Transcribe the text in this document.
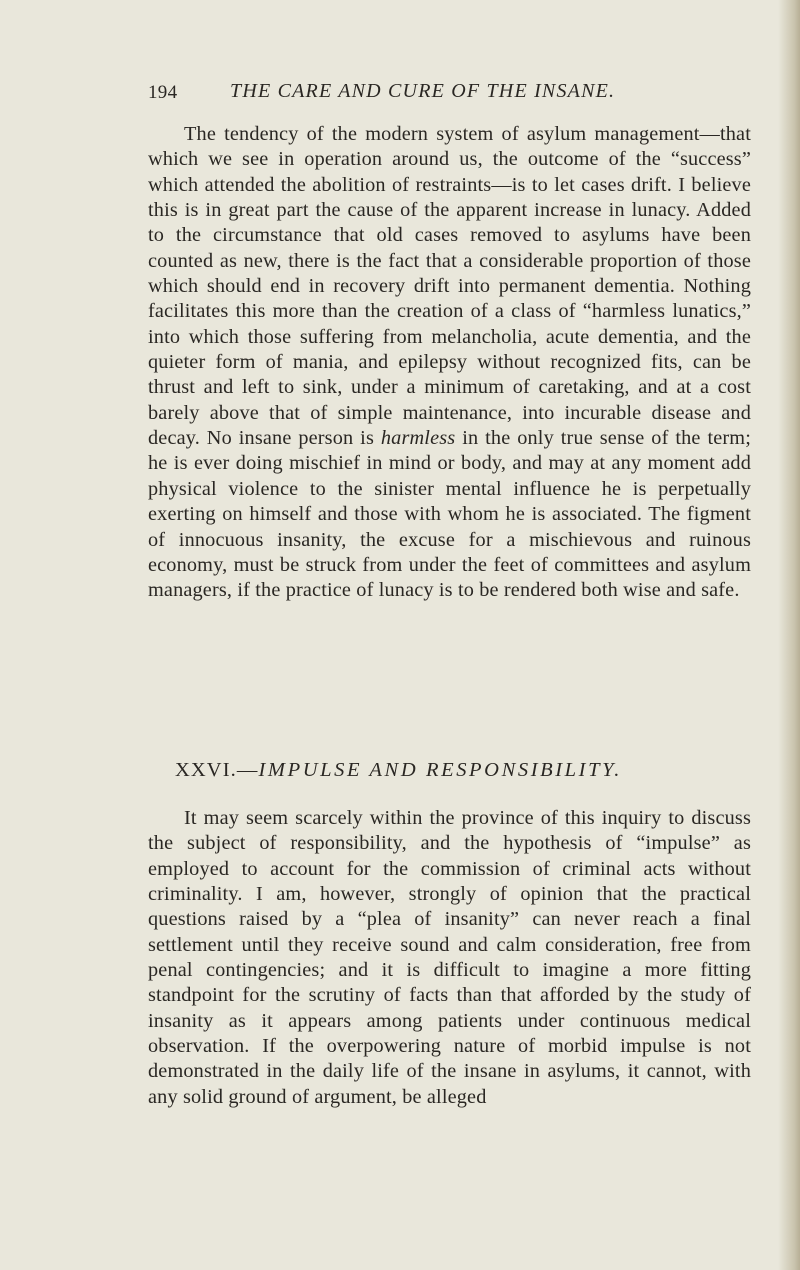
194	THE CARE AND CURE OF THE INSANE.

The tendency of the modern system of asylum management—that which we see in operation around us, the outcome of the “success” which attended the abolition of restraints—is to let cases drift. I believe this is in great part the cause of the apparent increase in lunacy. Added to the circumstance that old cases removed to asylums have been counted as new, there is the fact that a considerable proportion of those which should end in recovery drift into permanent dementia. Nothing facilitates this more than the creation of a class of “harmless lunatics,” into which those suffering from melancholia, acute dementia, and the quieter form of mania, and epilepsy without recognized fits, can be thrust and left to sink, under a minimum of caretaking, and at a cost barely above that of simple maintenance, into incurable disease and decay. No insane person is harmless in the only true sense of the term; he is ever doing mischief in mind or body, and may at any moment add physical violence to the sinister mental influence he is perpetually exerting on himself and those with whom he is associated. The figment of innocuous insanity, the excuse for a mischievous and ruinous economy, must be struck from under the feet of committees and asylum managers, if the practice of lunacy is to be rendered both wise and safe.

XXVI.—IMPULSE AND RESPONSIBILITY.

It may seem scarcely within the province of this inquiry to discuss the subject of responsibility, and the hypothesis of “impulse” as employed to account for the commission of criminal acts without criminality. I am, however, strongly of opinion that the practical questions raised by a “plea of insanity” can never reach a final settlement until they receive sound and calm consideration, free from penal contingencies; and it is difficult to imagine a more fitting standpoint for the scrutiny of facts than that afforded by the study of insanity as it appears among patients under continuous medical observation. If the overpowering nature of morbid impulse is not demonstrated in the daily life of the insane in asylums, it cannot, with any solid ground of argument, be alleged
